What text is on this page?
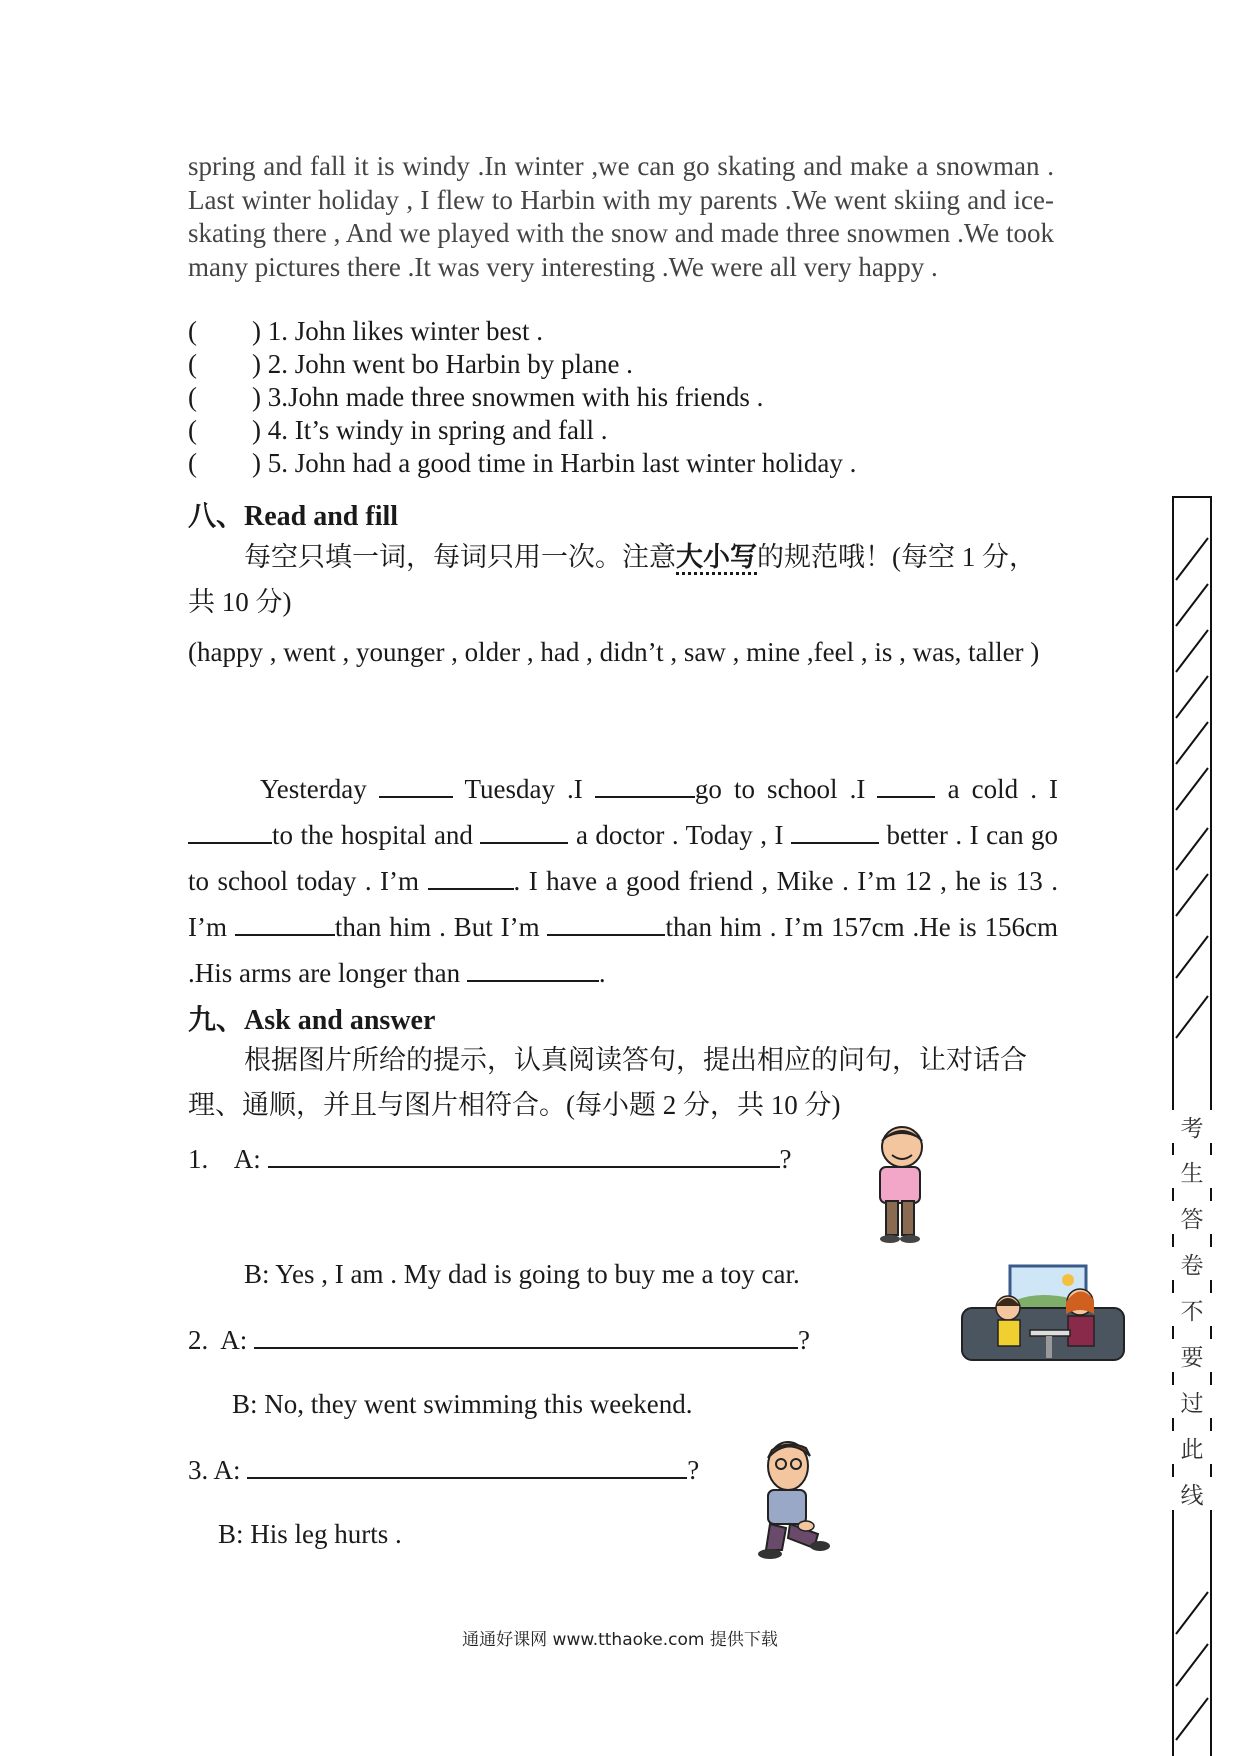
spring and fall it is windy .In winter ,we can go skating and make a snowman . Last winter holiday , I flew to Harbin with my parents .We went skiing and ice-skating there , And we played with the snow and made three snowmen .We took many pictures there .It was very interesting .We were all very happy .
( ) 1. John likes winter best .
( ) 2. John went bo Harbin by plane .
( ) 3.John made three snowmen with his friends .
( ) 4. It’s windy in spring and fall .
( ) 5. John had a good time in Harbin last winter holiday .
八、Read and fill
每空只填一词，每词只用一次。注意大小写的规范哦！(每空 1 分，共 10 分)
(happy , went , younger , older , had , didn’t , saw , mine ,feel , is , was, taller )
Yesterday	Tuesday .I	go to school .I	a cold . I to the hospital and	a doctor . Today , I	better . I can go to school today . I’m	. I have a good friend , Mike . I’m 12 , he is 13 . I’m	than him . But I’m	than him . I’m 157cm .He is 156cm .His arms are longer than	.
九、Ask and answer
根据图片所给的提示，认真阅读答句，提出相应的问句，让对话合理、通顺，并且与图片相符合。(每小题 2 分，共 10 分)
1. A:	?
B: Yes , I am . My dad is going to buy me a toy car.
2. A:	?
B: No, they went swimming this weekend.
3. A:	?
B: His leg hurts .
通通好课网 www.tthaoke.com 提供下载
考
生
答
卷
不
要
过
此
线
